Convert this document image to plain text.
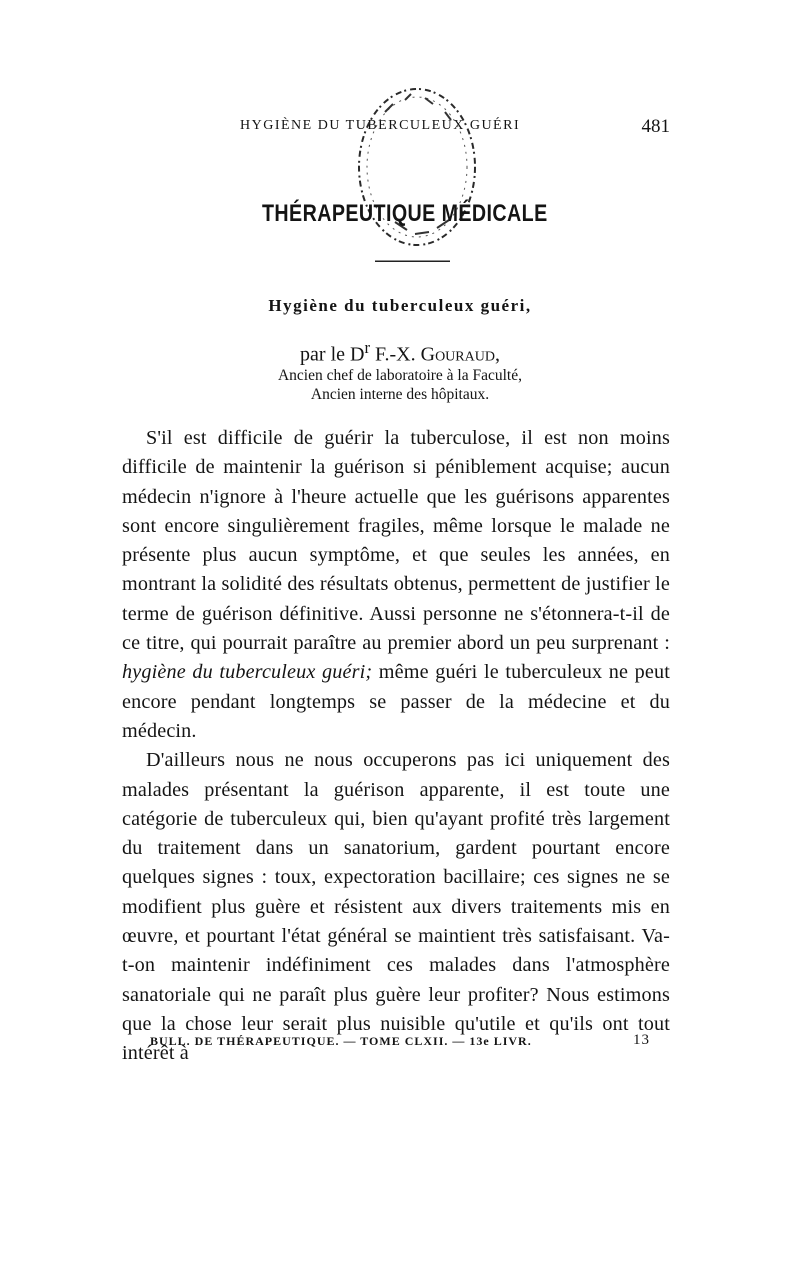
HYGIÈNE DU TUBERCULEUX GUÉRI	481
THÉRAPEUTIQUE MÉDICALE
Hygiène du tuberculeux guéri,
par le $D^r$ F.-X. Gouraud,
Ancien chef de laboratoire à la Faculté,
Ancien interne des hôpitaux.

S'il est difficile de guérir la tuberculose, il est non moins difficile de maintenir la guérison si péniblement acquise; aucun médecin n'ignore à l'heure actuelle que les guérisons apparentes sont encore singulièrement fragiles, même lorsque le malade ne présente plus aucun symptôme, et que seules les années, en montrant la solidité des résultats obtenus, permettent de justifier le terme de guérison définitive. Aussi personne ne s'étonnera-t-il de ce titre, qui pourrait paraître au premier abord un peu surprenant : hygiène du tuberculeux guéri; même guéri le tuberculeux ne peut encore pendant longtemps se passer de la médecine et du médecin.

D'ailleurs nous ne nous occuperons pas ici uniquement des malades présentant la guérison apparente, il est toute une catégorie de tuberculeux qui, bien qu'ayant profité très largement du traitement dans un sanatorium, gardent pourtant encore quelques signes : toux, expectoration bacillaire; ces signes ne se modifient plus guère et résistent aux divers traitements mis en œuvre, et pourtant l'état général se maintient très satisfaisant. Va-t-on maintenir indéfiniment ces malades dans l'atmosphère sanatoriale qui ne paraît plus guère leur profiter? Nous estimons que la chose leur serait plus nuisible qu'utile et qu'ils ont tout intérêt à

BULL. DE THÉRAPEUTIQUE. — TOME CLXII. — 13e LIVR.	13
